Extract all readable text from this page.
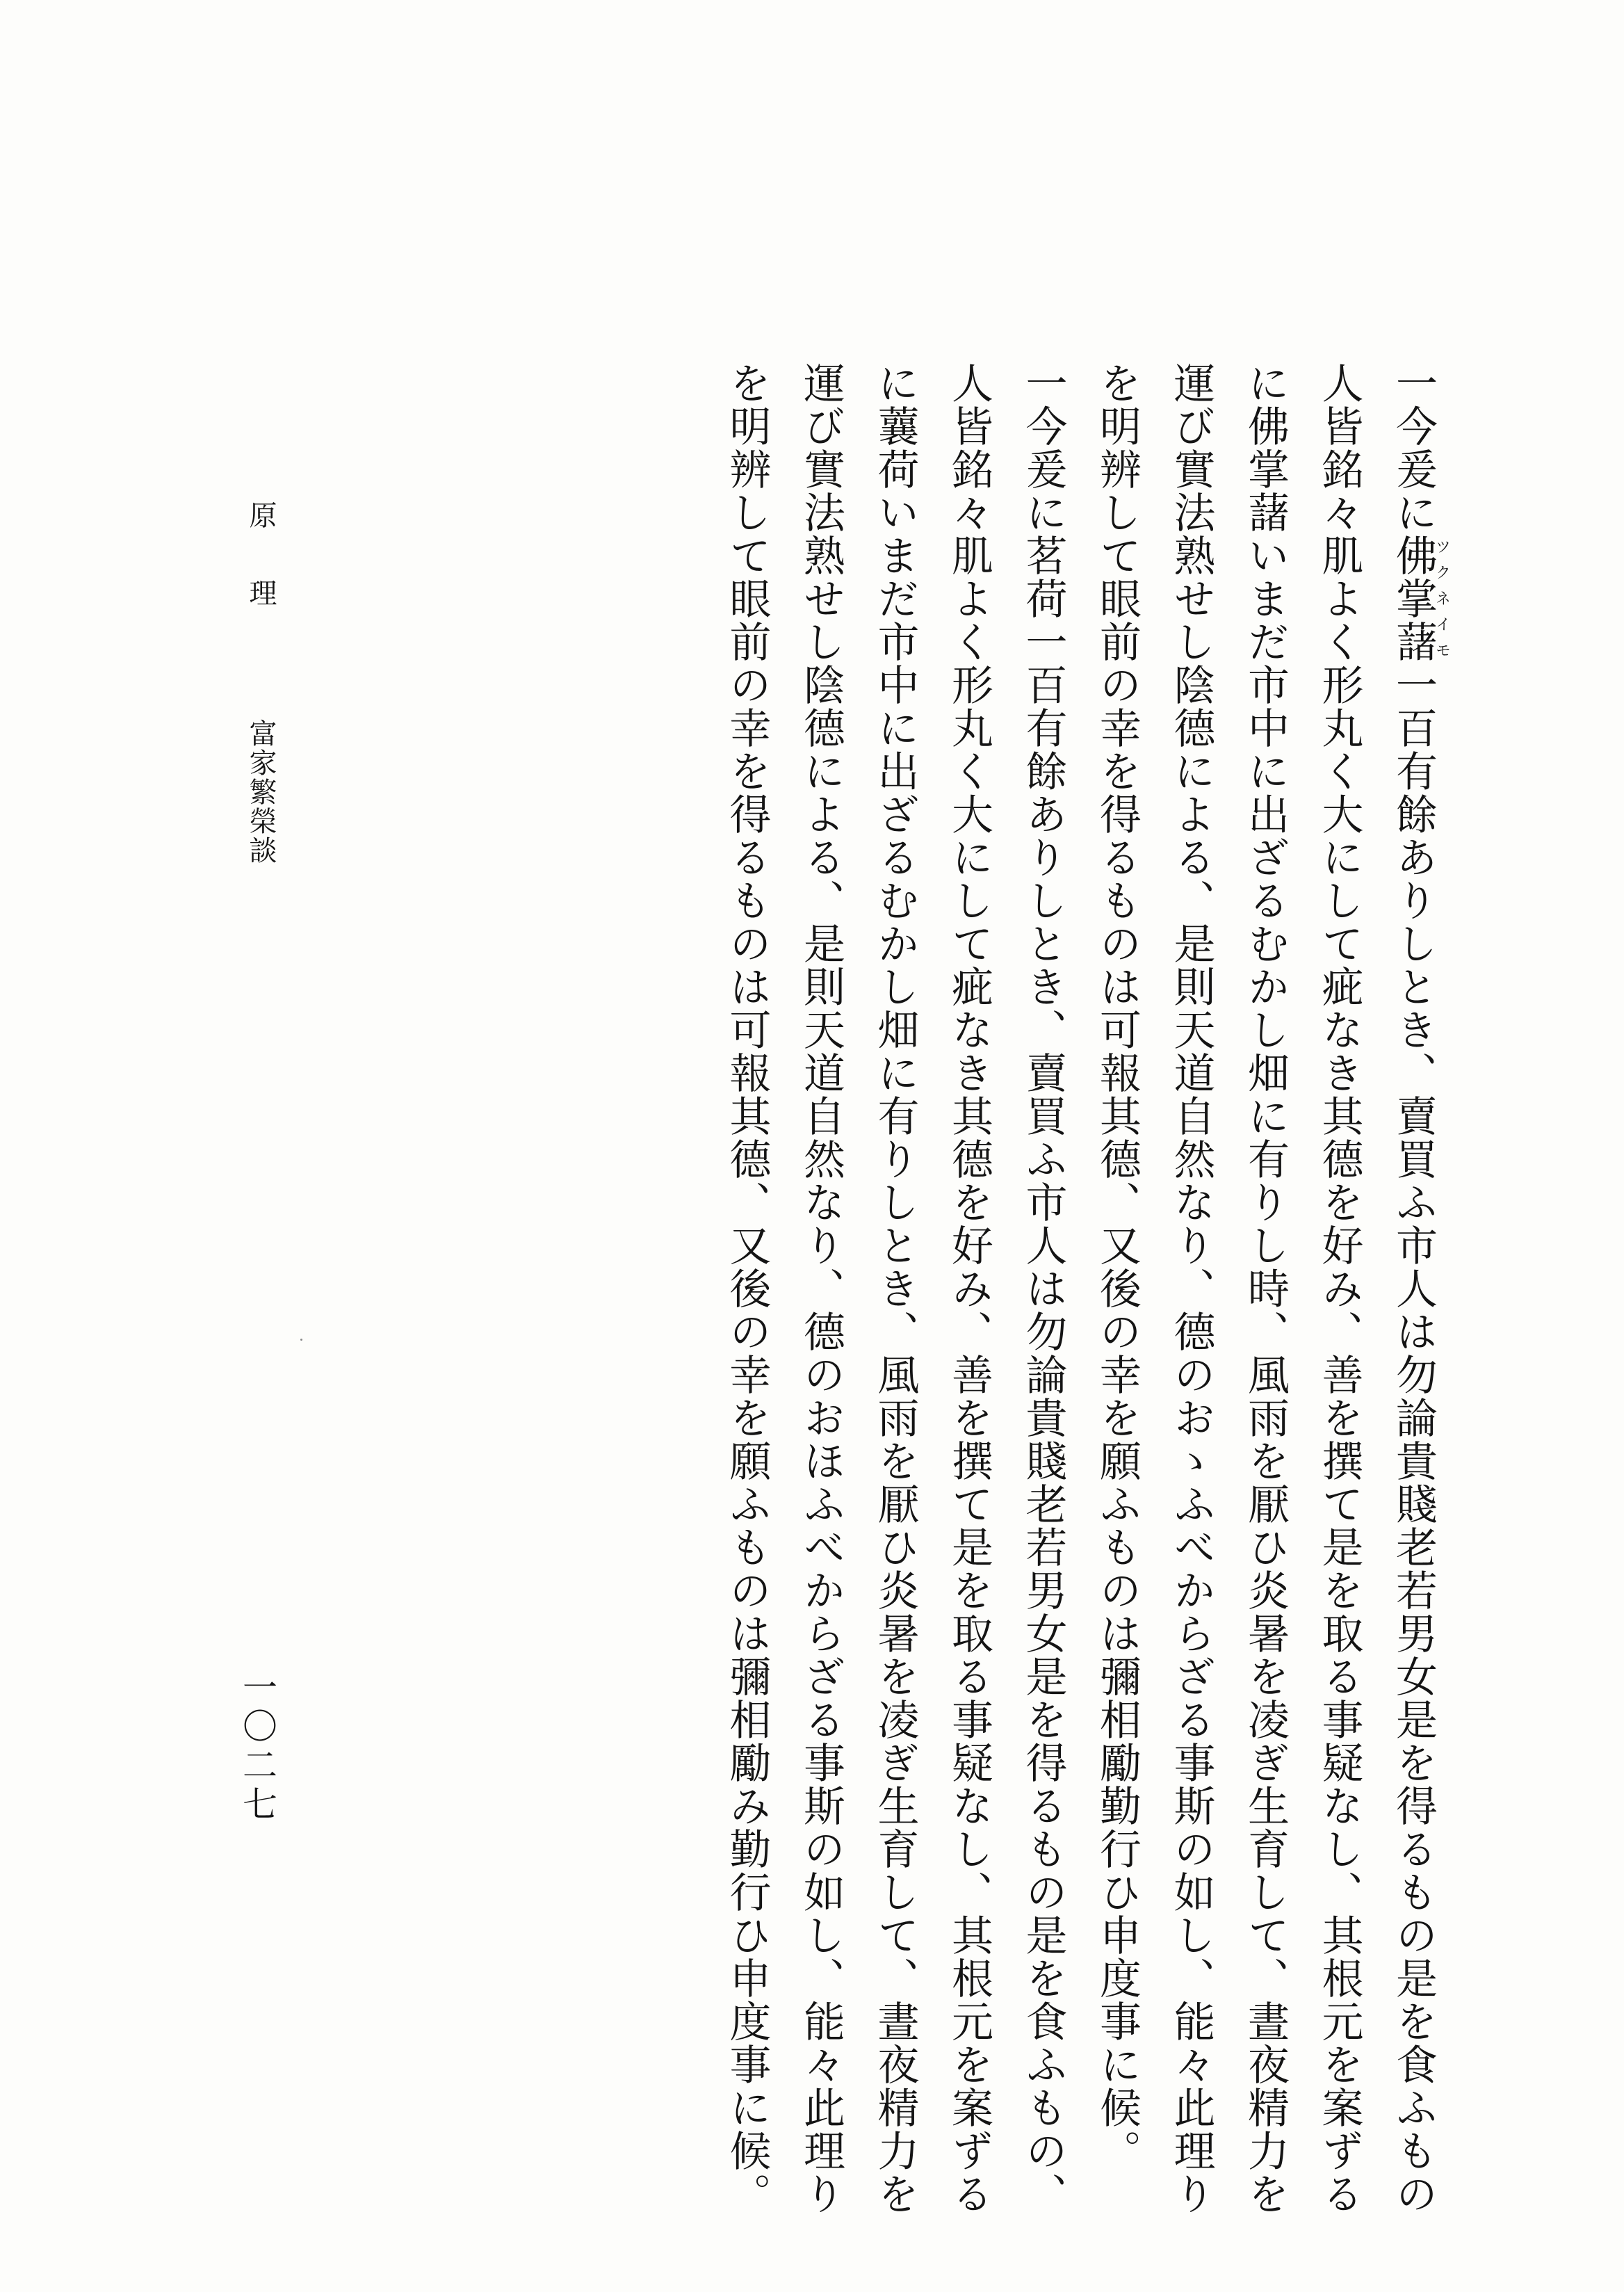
一今爰に佛掌藷ツクネイモ一百有餘ありしとき、賣買ふ市人は勿論貴賤老若男女是を得るもの是を食ふもの人皆銘々肌よく形丸く大にして疵なき其德を好み、善を撰て是を取る事疑なし、其根元を案ずるに佛掌藷いまだ市中に出ざるむかし畑に有りし時、風雨を厭ひ炎暑を凌ぎ生育して、晝夜精力を運び實法熟せし陰德による、是則天道自然なり、德のおゝふべからざる事斯の如し、能々此理りを明辨して眼前の幸を得るものは可報其德、又後の幸を願ふものは彌相勵勤行ひ申度事に候。

一今爰に茗荷一百有餘ありしとき、賣買ふ市人は勿論貴賤老若男女是を得るもの是を食ふもの、人皆銘々肌よく形丸く大にして疵なき其德を好み、善を撰て是を取る事疑なし、其根元を案ずるに蘘荷いまだ市中に出ざるむかし畑に有りしとき、風雨を厭ひ炎暑を凌ぎ生育して、晝夜精力を運び實法熟せし陰德による、是則天道自然なり、德のおほふべからざる事斯の如し、能々此理りを明辨して眼前の幸を得るものは可報其德、又後の幸を願ふものは彌相勵み勤行ひ申度事に候。

原理富家繁榮談
一〇二七
